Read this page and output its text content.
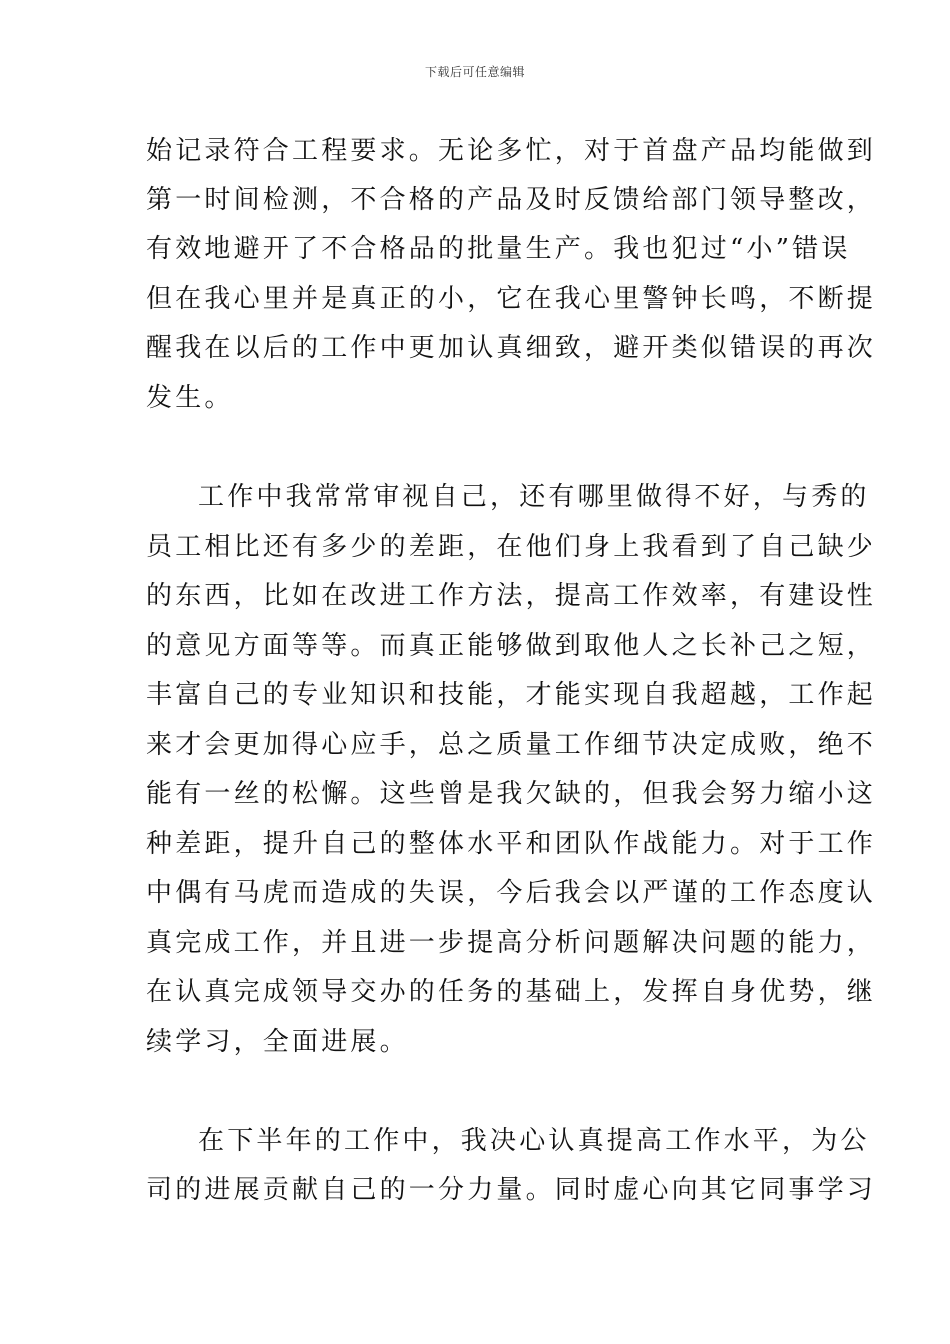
下载后可任意编辑
始记录符合工程要求。无论多忙，对于首盘产品均能做到
第一时间检测，不合格的产品及时反馈给部门领导整改，
有效地避开了不合格品的批量生产。我也犯过“小”错误
但在我心里并是真正的小，它在我心里警钟长鸣，不断提
醒我在以后的工作中更加认真细致，避开类似错误的再次
发生。
工作中我常常审视自己，还有哪里做得不好，与秀的
员工相比还有多少的差距，在他们身上我看到了自己缺少
的东西，比如在改进工作方法，提高工作效率，有建设性
的意见方面等等。而真正能够做到取他人之长补己之短，
丰富自己的专业知识和技能，才能实现自我超越，工作起
来才会更加得心应手，总之质量工作细节决定成败，绝不
能有一丝的松懈。这些曾是我欠缺的，但我会努力缩小这
种差距，提升自己的整体水平和团队作战能力。对于工作
中偶有马虎而造成的失误，今后我会以严谨的工作态度认
真完成工作，并且进一步提高分析问题解决问题的能力，
在认真完成领导交办的任务的基础上，发挥自身优势，继
续学习，全面进展。
在下半年的工作中，我决心认真提高工作水平，为公
司的进展贡献自己的一分力量。同时虚心向其它同事学习
